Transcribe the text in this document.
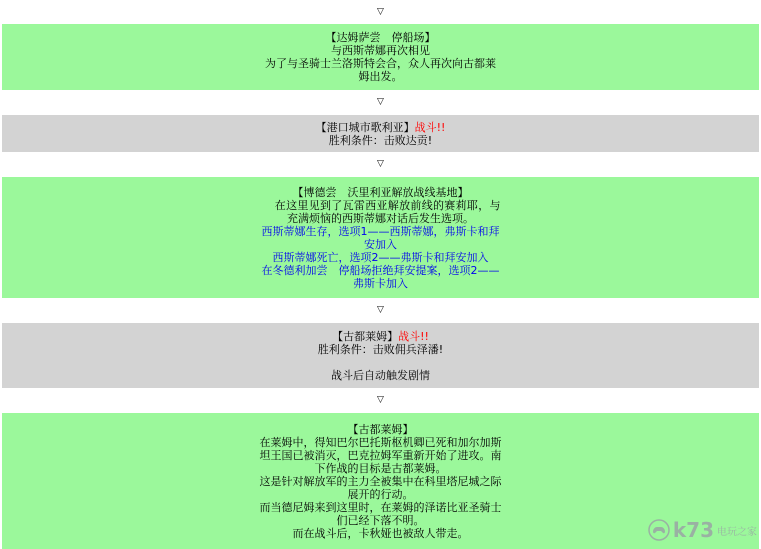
▽
▽
▽
▽
▽
【达姆萨尝　停船场】
与西斯蒂娜再次相见
为了与圣骑士兰洛斯特会合，众人再次向古都莱姆出发。
【港口城市歌利亚】战斗!!
胜利条件：击败达贡!
【博德尝　沃里利亚解放战线基地】
在这里见到了瓦雷西亚解放前线的赛莉耶，与充满烦恼的西斯蒂娜对话后发生选项。
西斯蒂娜生存，选项1——西斯蒂娜，弗斯卡和拜安加入
西斯蒂娜死亡，选项2——弗斯卡和拜安加入
在冬德利加尝　停船场拒绝拜安提案，选项2——弗斯卡加入
【古都莱姆】战斗!!
胜利条件：击败佣兵泽潘!
战斗后自动触发剧情
【古都莱姆】
在莱姆中，得知巴尔巴托斯枢机卿已死和加尔加斯坦王国已被消灭，巴克拉姆军重新开始了进攻。南下作战的目标是古都莱姆。
这是针对解放军的主力全被集中在科里塔尼城之际展开的行动。
而当德尼姆来到这里时，在莱姆的泽诺比亚圣骑士们已经下落不明。
而在战斗后，卡秋娅也被敌人带走。	k73 电玩之家
